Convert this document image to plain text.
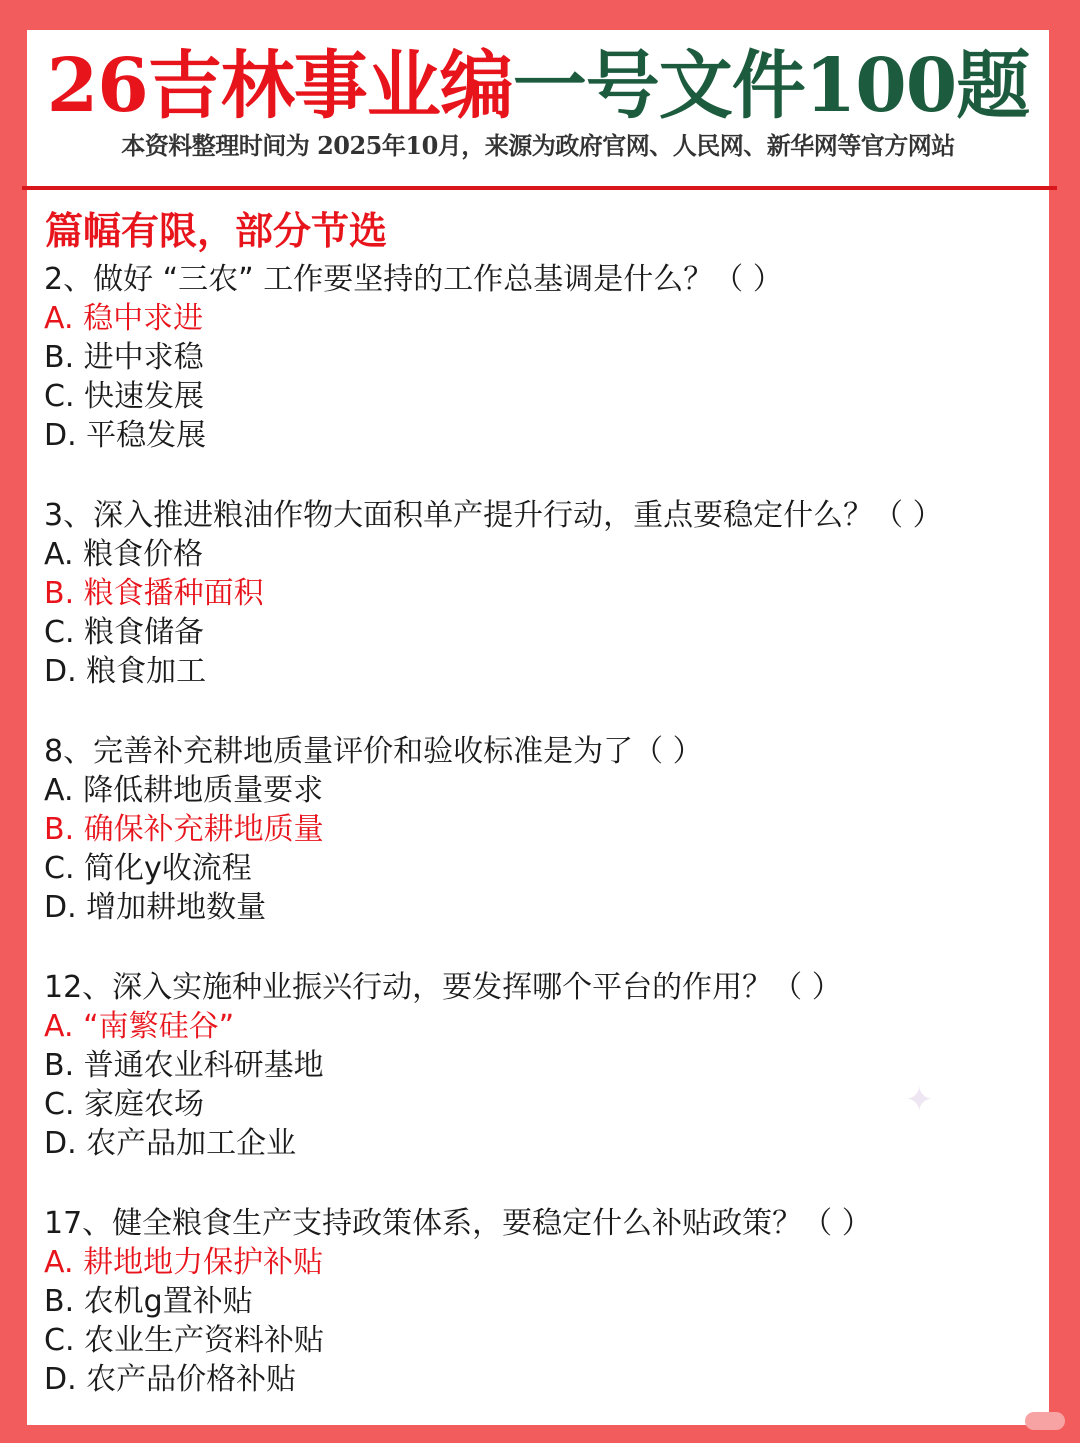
26吉林事业编一号文件100题
本资料整理时间为 2025年10月，来源为政府官网、人民网、新华网等官方网站
篇幅有限，部分节选
2、做好 “三农” 工作要坚持的工作总基调是什么？（ ）
A. 稳中求进
B. 进中求稳
C. 快速发展
D. 平稳发展
3、深入推进粮油作物大面积单产提升行动，重点要稳定什么？（ ）
A. 粮食价格
B. 粮食播种面积
C. 粮食储备
D. 粮食加工
8、完善补充耕地质量评价和验收标准是为了（ ）
A. 降低耕地质量要求
B. 确保补充耕地质量
C. 简化y收流程
D. 增加耕地数量
12、深入实施种业振兴行动，要发挥哪个平台的作用？（ ）
A. “南繁硅谷”
B. 普通农业科研基地
C. 家庭农场
D. 农产品加工企业
17、健全粮食生产支持政策体系，要稳定什么补贴政策？（ ）
A. 耕地地力保护补贴
B. 农机g置补贴
C. 农业生产资料补贴
D. 农产品价格补贴
✦
